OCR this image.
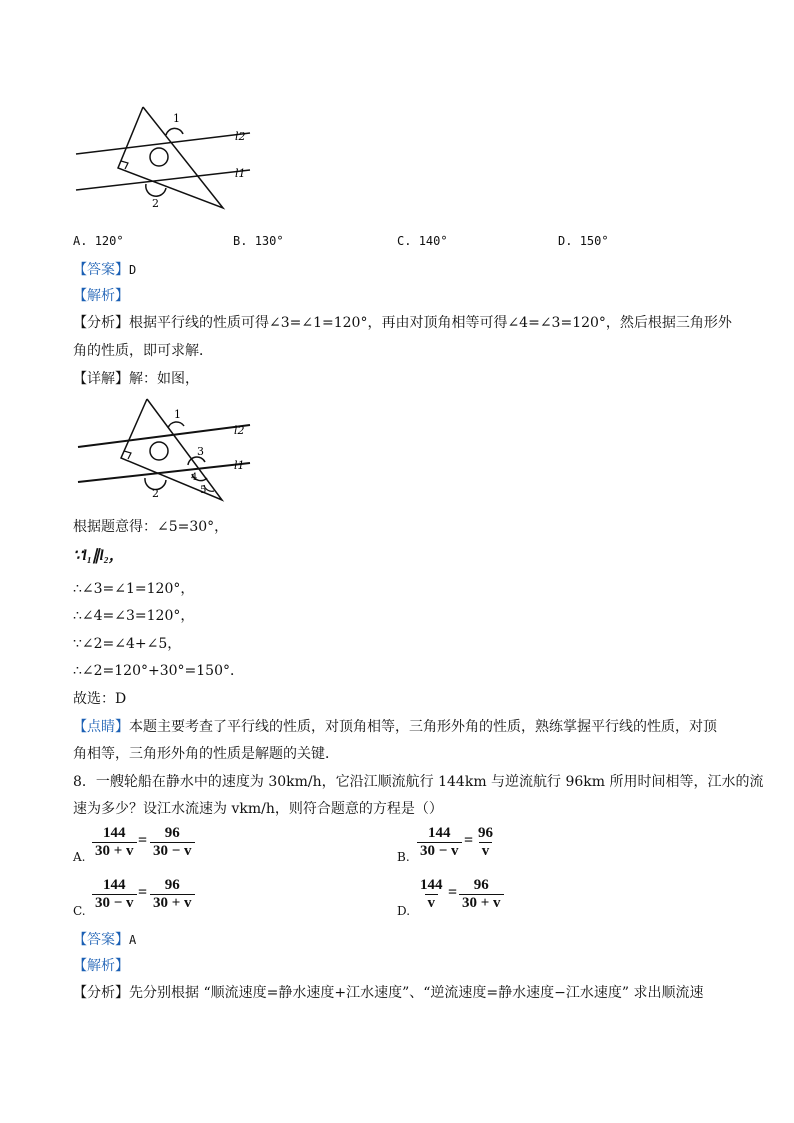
1
2
l2
l1
A. 120°	B. 130°	C. 140°	D. 150°
【答案】D
【解析】
【分析】根据平行线的性质可得∠3=∠1=120°，再由对顶角相等可得∠4=∠3=120°，然后根据三角形外
角的性质，即可求解．
【详解】解：如图，
1
2
3
4
5
l2
l1
根据题意得：∠5=30°，
∵l₁∥l₂，
∴∠3=∠1=120°，
∴∠4=∠3=120°，
∵∠2=∠4+∠5，
∴∠2=120°+30°=150°．
故选：D
【点睛】本题主要考查了平行线的性质，对顶角相等，三角形外角的性质，熟练掌握平行线的性质，对顶
角相等，三角形外角的性质是解题的关键．
8．一艘轮船在静水中的速度为 30km/h，它沿江顺流航行 144km 与逆流航行 96km 所用时间相等，江水的流
速为多少？设江水流速为 vkm/h，则符合题意的方程是（）
A. $\frac{144}{30 + v} = \frac{96}{30 - v}$	B. $\frac{144}{30 - v} = \frac{96}{v}$
C. $\frac{144}{30 - v} = \frac{96}{30 + v}$	D. $\frac{144}{v} = \frac{96}{30 + v}$
【答案】A
【解析】
【分析】先分别根据 “顺流速度=静水速度+江水速度”、“逆流速度=静水速度−江水速度” 求出顺流速
